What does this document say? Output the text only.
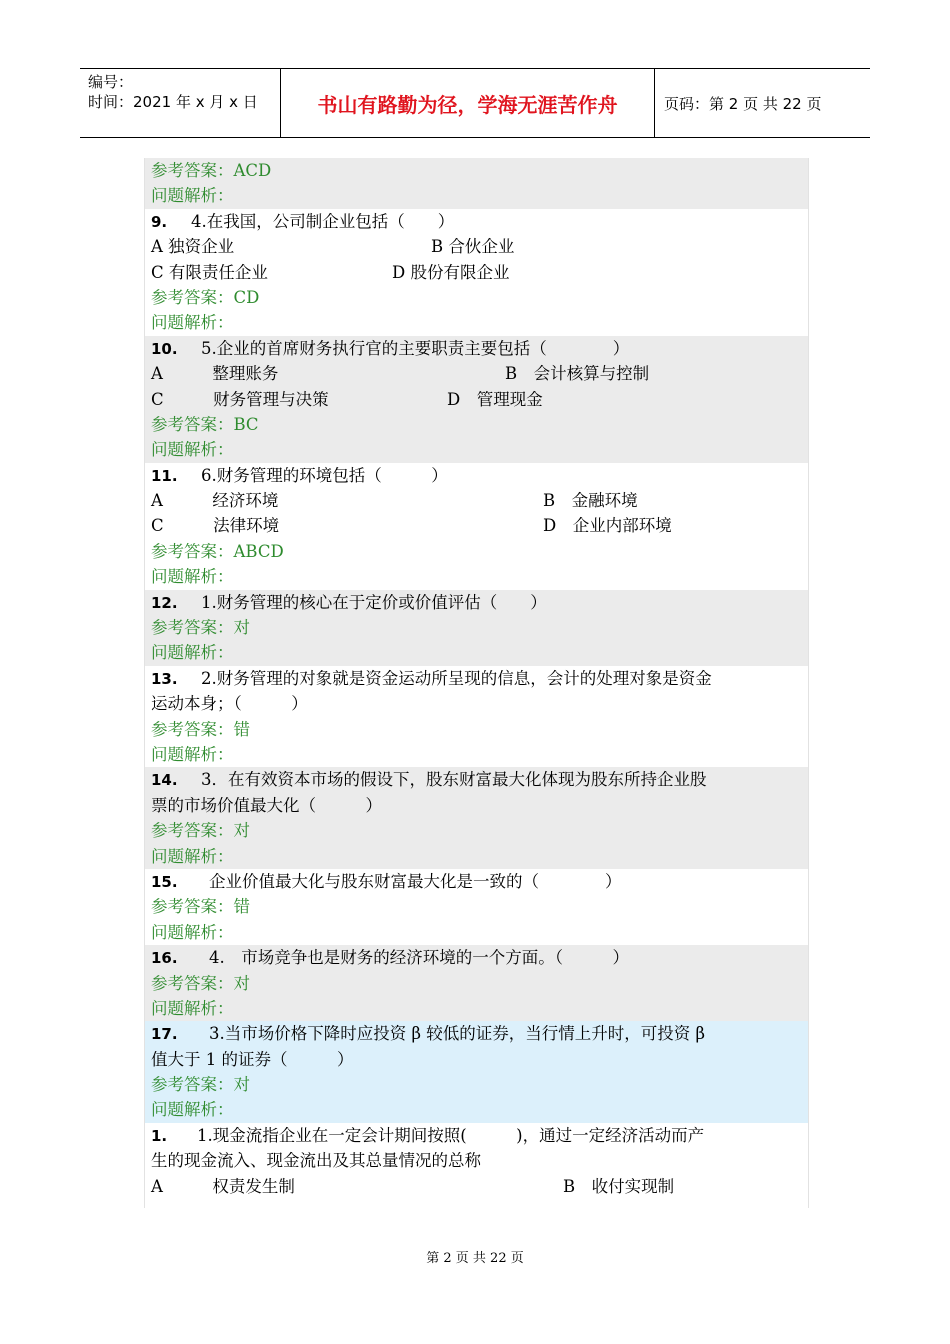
编号：
时间：2021 年 x 月 x 日	书山有路勤为径，学海无涯苦作舟	页码：第 2 页 共 22 页
参考答案：ACD
问题解析：
9. 4.在我国，公司制企业包括（　　）
A 独资企业	B 合伙企业
C 有限责任企业	D 股份有限企业
参考答案：CD
问题解析：
10. 5.企业的首席财务执行官的主要职责主要包括（　　　　）
A　　　整理账务	B　会计核算与控制
C　　　财务管理与决策	D　管理现金
参考答案：BC
问题解析：
11. 6.财务管理的环境包括（　　　）
A　　　经济环境	B　金融环境
C　　　法律环境	D　企业内部环境
参考答案：ABCD
问题解析：
12. 1.财务管理的核心在于定价或价值评估（　　）
参考答案：对
问题解析：
13. 2.财务管理的对象就是资金运动所呈现的信息，会计的处理对象是资金
运动本身；（　　　）
参考答案：错
问题解析：
14. 3．在有效资本市场的假设下，股东财富最大化体现为股东所持企业股
票的市场价值最大化（　　　）
参考答案：对
问题解析：
15. 企业价值最大化与股东财富最大化是一致的（　　　　）
参考答案：错
问题解析：
16. 4.　市场竞争也是财务的经济环境的一个方面。（　　　）
参考答案：对
问题解析：
17. 3.当市场价格下降时应投资 β 较低的证券，当行情上升时，可投资 β
值大于 1 的证券（　　　）
参考答案：对
问题解析：
1. 1.现金流指企业在一定会计期间按照(　　　)，通过一定经济活动而产
生的现金流入、现金流出及其总量情况的总称
A　　　权责发生制	B　收付实现制
第 2 页 共 22 页
